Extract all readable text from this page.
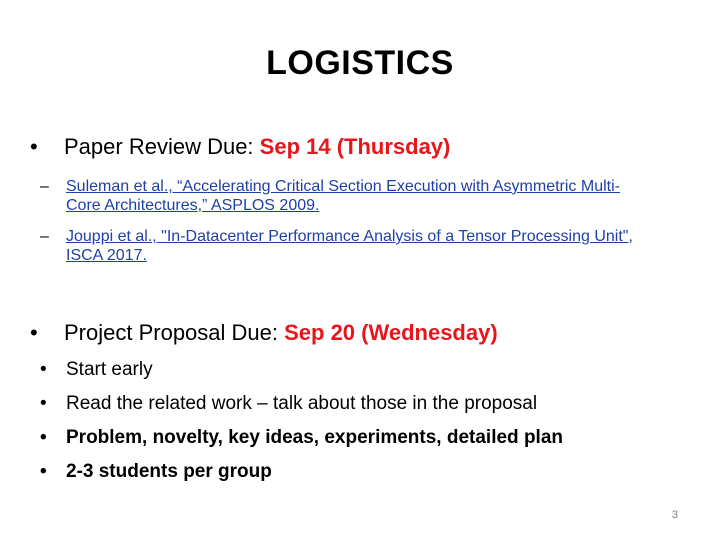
LOGISTICS
•	Paper Review Due: Sep 14 (Thursday)
–	Suleman et al., “Accelerating Critical Section Execution with Asymmetric Multi-
Core Architectures,” ASPLOS 2009.
–	Jouppi et al., "In-Datacenter Performance Analysis of a Tensor Processing Unit",
ISCA 2017.
•	Project Proposal Due: Sep 20 (Wednesday)
•	Start early
•	Read the related work – talk about those in the proposal
•	Problem, novelty, key ideas, experiments, detailed plan
•	2-3 students per group
3
